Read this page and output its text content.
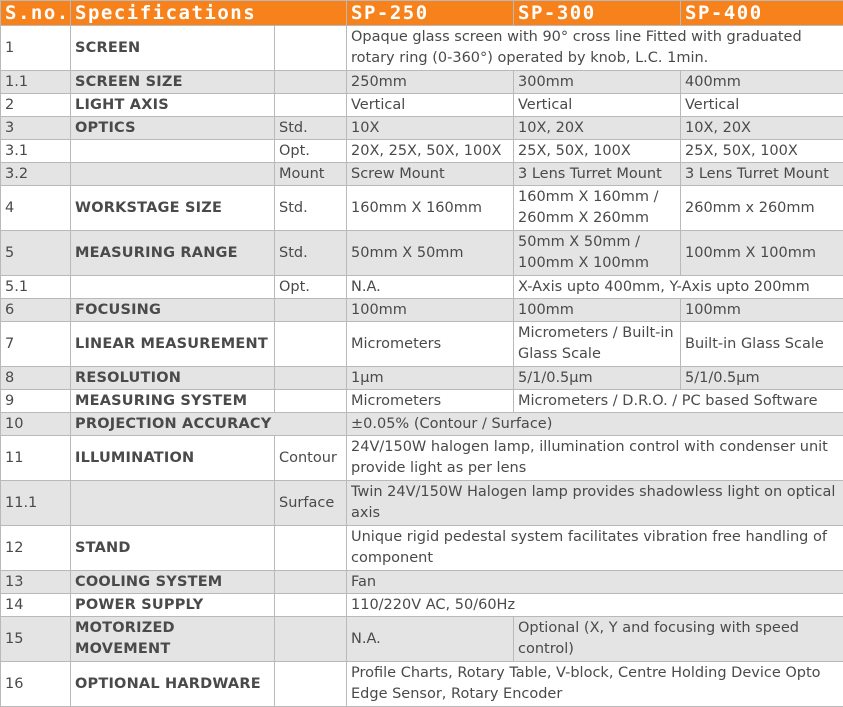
S.no.	Specifications		SP-250	SP-300	SP-400
1	SCREEN		Opaque glass screen with 90° cross line Fitted with graduated rotary ring (0-360°) operated by knob, L.C. 1min.		
1.1	SCREEN SIZE		250mm	300mm	400mm
2	LIGHT AXIS		Vertical	Vertical	Vertical
3	OPTICS	Std.	10X	10X, 20X	10X, 20X
3.1		Opt.	20X, 25X, 50X, 100X	25X, 50X, 100X	25X, 50X, 100X
3.2		Mount	Screw Mount	3 Lens Turret Mount	3 Lens Turret Mount
4	WORKSTAGE SIZE	Std.	160mm X 160mm	160mm X 160mm / 260mm X 260mm	260mm x 260mm
5	MEASURING RANGE	Std.	50mm X 50mm	50mm X 50mm / 100mm X 100mm	100mm X 100mm
5.1		Opt.	N.A.	X-Axis upto 400mm, Y-Axis upto 200mm	
6	FOCUSING		100mm	100mm	100mm
7	LINEAR MEASUREMENT		Micrometers	Micrometers / Built-in Glass Scale	Built-in Glass Scale
8	RESOLUTION		1µm	5/1/0.5µm	5/1/0.5µm
9	MEASURING SYSTEM		Micrometers	Micrometers / D.R.O. / PC based Software	
10	PROJECTION ACCURACY		±0.05% (Contour / Surface)		
11	ILLUMINATION	Contour	24V/150W halogen lamp, illumination control with condenser unit provide light as per lens		
11.1		Surface	Twin 24V/150W Halogen lamp provides shadowless light on optical axis		
12	STAND		Unique rigid pedestal system facilitates vibration free handling of component		
13	COOLING SYSTEM		Fan		
14	POWER SUPPLY		110/220V AC, 50/60Hz		
15	MOTORIZED MOVEMENT		N.A.	Optional (X, Y and focusing with speed control)	
16	OPTIONAL HARDWARE		Profile Charts, Rotary Table, V-block, Centre Holding Device Opto Edge Sensor, Rotary Encoder		
